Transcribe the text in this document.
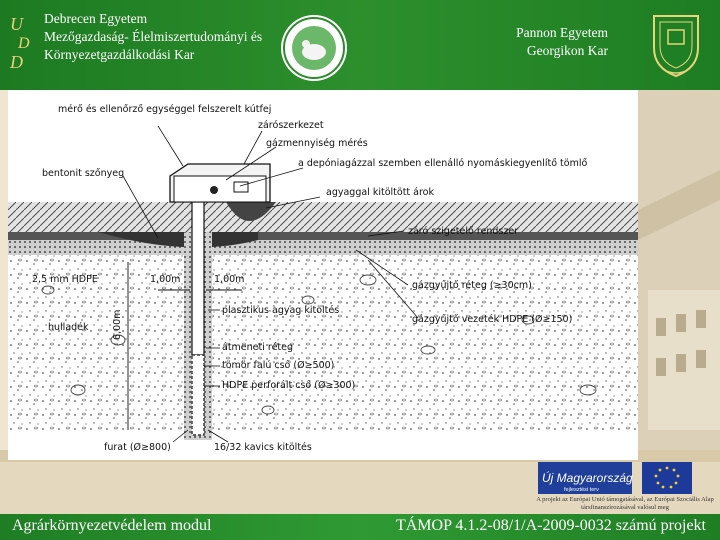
U
D
D
Debrecen Egyetem
Mezőgazdaság- Élelmiszertudományi és
Környezetgazdálkodási Kar
Pannon Egyetem
Georgikon Kar
mérő és ellenőrző egységgel felszerelt kútfej
zárószerkezet
gázmennyiség mérés
a depóniagázzal szemben ellenálló nyomáskiegyenlítő tömlő
agyaggal kitöltött árok
bentonit szőnyeg
záró szigetelő rendszer
2,5 mm HDPE	1,00m	1,00m
6,00m
gázgyűjtő réteg (≥30cm)
hulladék
gázgyűjtő vezeték HDPE (Ø≥150)
plasztikus agyag kitöltés
átmeneti réteg
tömör falú cső (Ø≥500)
HDPE perforált cső (Ø≥300)
furat (Ø≥800)	16/32 kavics kitöltés
Új Magyarország
fejlesztési terv
A projekt az Európai Unió támogatásával, az Európai Szociális Alap társfinanszírozásával valósul meg
Agrárkörnyezetvédelem modul	TÁMOP 4.1.2-08/1/A-2009-0032 számú projekt
